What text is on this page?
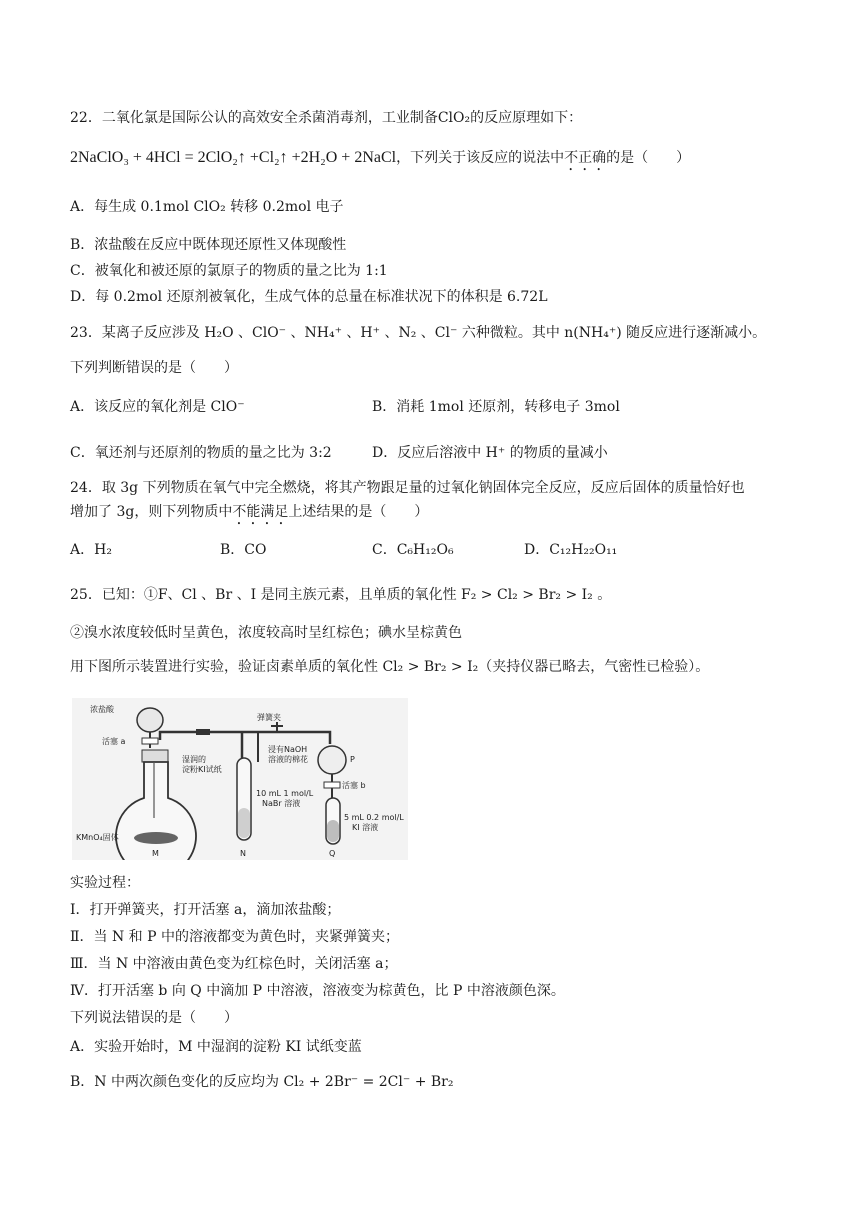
22．二氧化氯是国际公认的高效安全杀菌消毒剂，工业制备ClO₂的反应原理如下：
2NaClO₃ + 4HCl = 2ClO₂↑ +Cl₂↑ +2H₂O + 2NaCl，下列关于该反应的说法中不正确的是（　　）
A．每生成 0.1mol ClO₂ 转移 0.2mol 电子
B．浓盐酸在反应中既体现还原性又体现酸性
C．被氧化和被还原的氯原子的物质的量之比为 1:1
D．每 0.2mol 还原剂被氧化，生成气体的总量在标准状况下的体积是 6.72L
23．某离子反应涉及 H₂O 、ClO⁻ 、NH₄⁺ 、H⁺ 、N₂ 、Cl⁻ 六种微粒。其中 n(NH₄⁺) 随反应进行逐渐减小。
下列判断错误的是（　　）
A．该反应的氧化剂是 ClO⁻	B．消耗 1mol 还原剂，转移电子 3mol
C．氧还剂与还原剂的物质的量之比为 3:2	D．反应后溶液中 H⁺ 的物质的量减小
24．取 3g 下列物质在氧气中完全燃烧，将其产物跟足量的过氧化钠固体完全反应，反应后固体的质量恰好也
增加了 3g，则下列物质中不能满足上述结果的是（　　）
A．H₂	B．CO	C．C₆H₁₂O₆	D．C₁₂H₂₂O₁₁
25．已知：①F、Cl 、Br 、I 是同主族元素，且单质的氧化性 F₂ > Cl₂ > Br₂ > I₂ 。
②溴水浓度较低时呈黄色，浓度较高时呈红棕色；碘水呈棕黄色
用下图所示装置进行实验，验证卤素单质的氧化性 Cl₂ > Br₂ > I₂（夹持仪器已略去，气密性已检验）。
浓盐酸
活塞 a
弹簧夹
湿润的
淀粉KI试纸
浸有NaOH
溶液的棉花	P
活塞 b
10 mL 1 mol/L
NaBr 溶液
5 mL 0.2 mol/L
KI 溶液
KMnO₄固体
M	N	Q
实验过程：
Ⅰ．打开弹簧夹，打开活塞 a，滴加浓盐酸；
Ⅱ．当 N 和 P 中的溶液都变为黄色时，夹紧弹簧夹；
Ⅲ．当 N 中溶液由黄色变为红棕色时，关闭活塞 a；
Ⅳ．打开活塞 b 向 Q 中滴加 P 中溶液，溶液变为棕黄色，比 P 中溶液颜色深。
下列说法错误的是（　　）
A．实验开始时，M 中湿润的淀粉 KI 试纸变蓝
B．N 中两次颜色变化的反应均为 Cl₂ + 2Br⁻ = 2Cl⁻ + Br₂
